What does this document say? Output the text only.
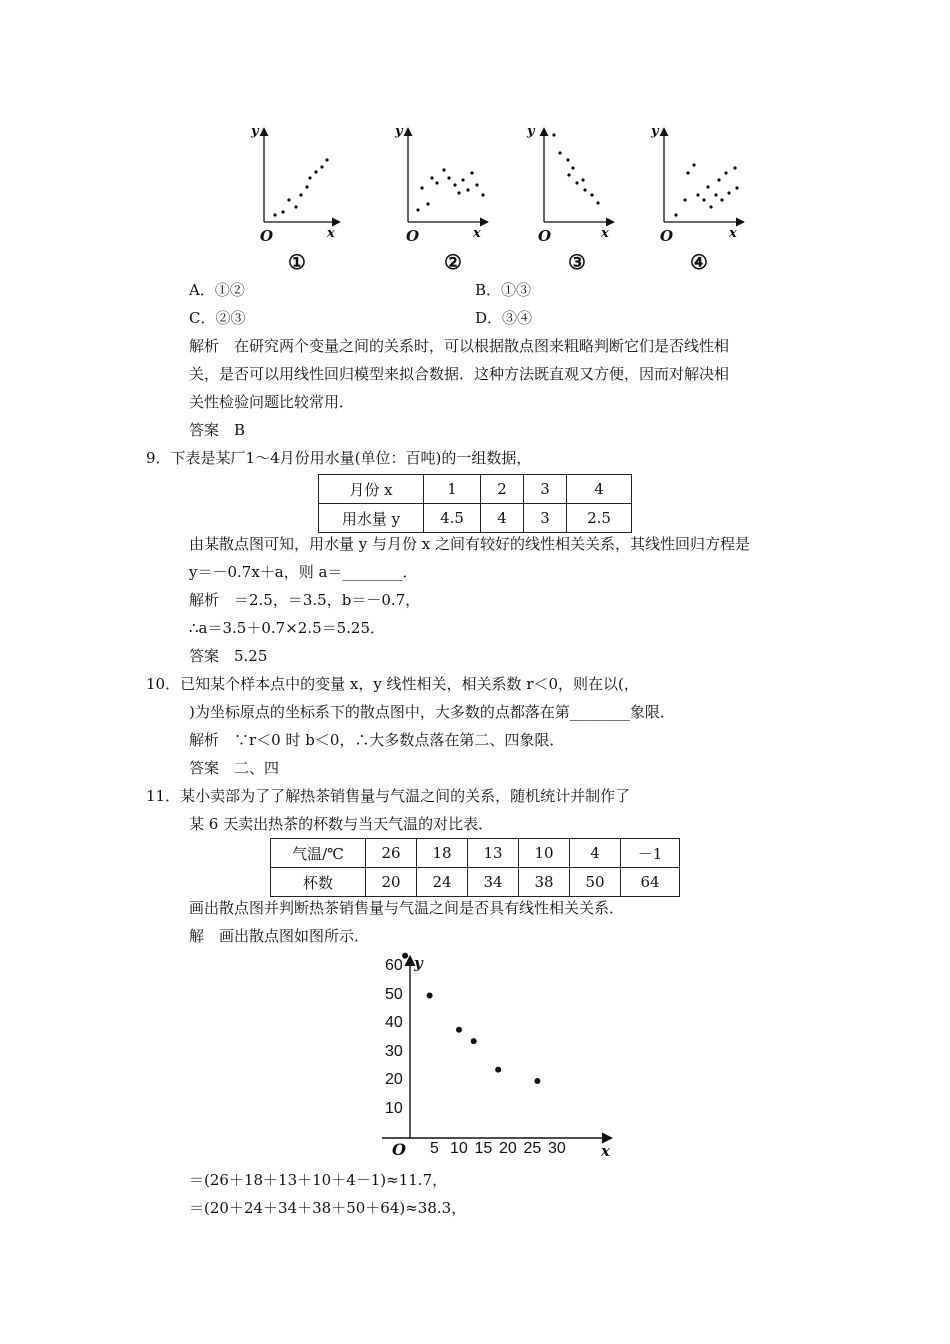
y
x
O
①
y
x
O
②
y
x
O
③
y
x
O
④
A．①②	B．①③
C．②③	D．③④
解析　在研究两个变量之间的关系时，可以根据散点图来粗略判断它们是否线性相
关，是否可以用线性回归模型来拟合数据．这种方法既直观又方便，因而对解决相
关性检验问题比较常用．
答案　B
9．下表是某厂1～4月份用水量(单位：百吨)的一组数据，
月份 x	1	2	3	4
用水量 y	4.5	4	3	2.5
由某散点图可知，用水量 y 与月份 x 之间有较好的线性相关关系，其线性回归方程是
y＝－0.7x＋a，则 a＝________．
解析　＝2.5，＝3.5，b＝－0.7，
∴a＝3.5＋0.7×2.5＝5.25．
答案　5.25
10．已知某个样本点中的变量 x，y 线性相关，相关系数 r＜0，则在以(，
)为坐标原点的坐标系下的散点图中，大多数的点都落在第________象限．
解析　∵r＜0 时 b＜0，∴大多数点落在第二、四象限．
答案　二、四
11．某小卖部为了了解热茶销售量与气温之间的关系，随机统计并制作了
某 6 天卖出热茶的杯数与当天气温的对比表．
气温/℃	26	18	13	10	4	－1
杯数	20	24	34	38	50	64
画出散点图并判断热茶销售量与气温之间是否具有线性相关关系．
解　画出散点图如图所示．
y
x
O 5 10 15 20 25 30
10
20
30
40
50
60
＝(26＋18＋13＋10＋4－1)≈11.7，
＝(20＋24＋34＋38＋50＋64)≈38.3，
